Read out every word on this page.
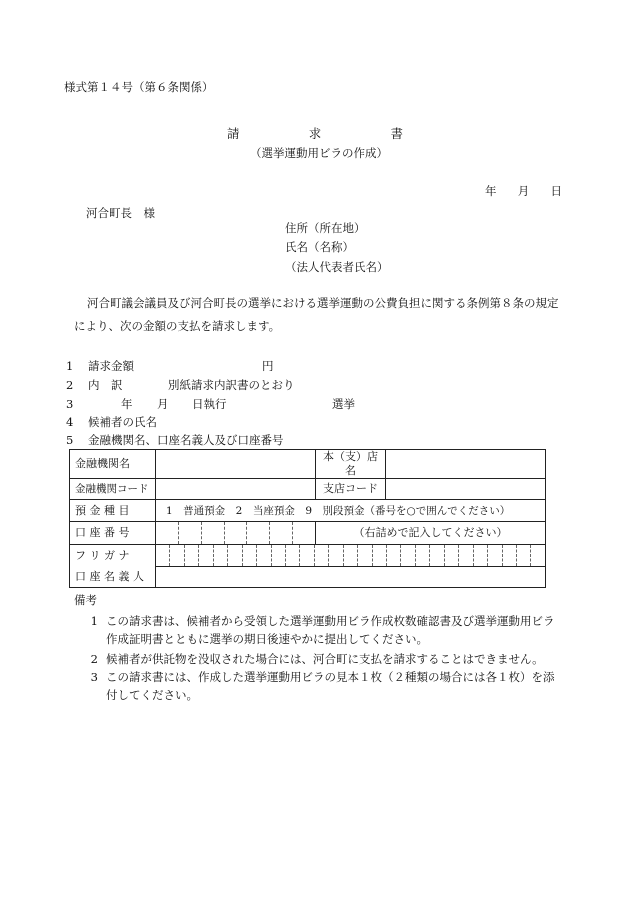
様式第１４号（第６条関係）
請	求	書
（選挙運動用ビラの作成）
年 月 日
河合町長　様
住所（所在地）
氏名（名称）
（法人代表者氏名）
河合町議会議員及び河合町長の選挙における選挙運動の公費負担に関する条例第８条の規定
により、次の金額の支払を請求します。
1 請求金額	円
2 内　訳	別紙請求内訳書のとおり
3	年 月 日執行	選挙
4 候補者の氏名
5 金融機関名、口座名義人及び口座番号
金融機関名		本（支）店名	
金融機関コード		支店コード	
預 金 種 目	1　普通預金　2　当座預金　9　別段預金（番号を○で囲んでください）		
口 座 番 号		（右詰めで記入してください）	
フ リ ガ ナ			

口 座 名 義 人			
備考
1 この請求書は、候補者から受領した選挙運動用ビラ作成枚数確認書及び選挙運動用ビラ
作成証明書とともに選挙の期日後速やかに提出してください。
2 候補者が供託物を没収された場合には、河合町に支払を請求することはできません。
3 この請求書には、作成した選挙運動用ビラの見本１枚（２種類の場合には各１枚）を添
付してください。
